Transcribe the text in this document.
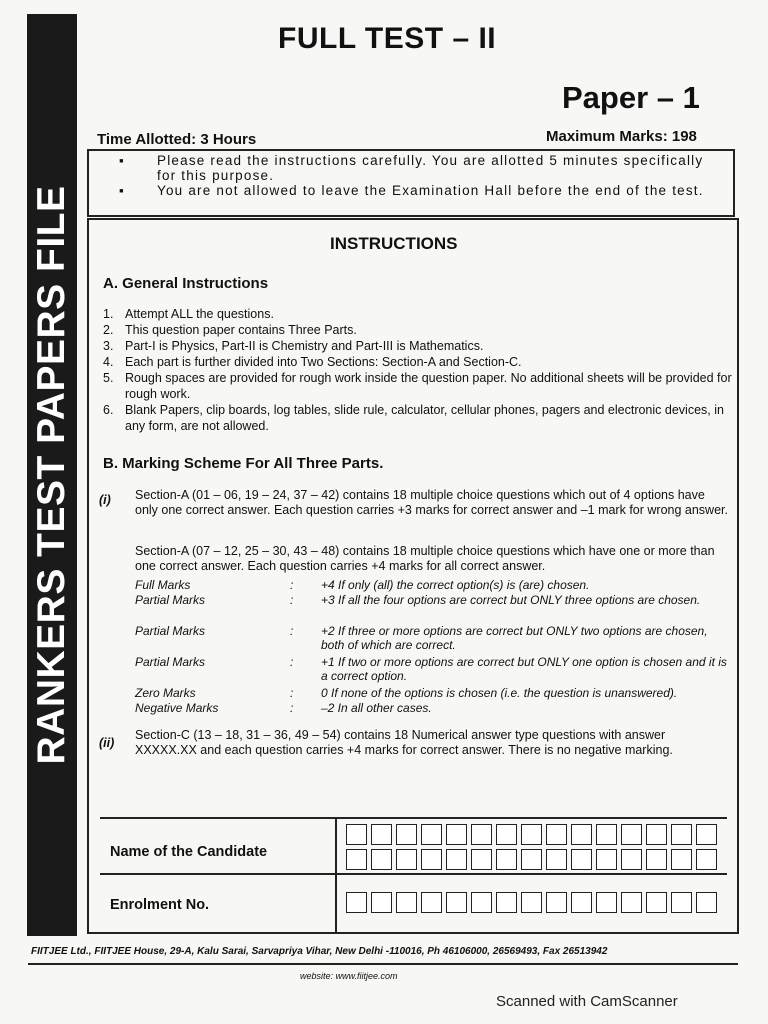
RANKERS TEST PAPERS FILE
FULL TEST – II
Paper – 1
Time Allotted: 3 Hours	Maximum Marks: 198
▪ Please read the instructions carefully. You are allotted 5 minutes specifically for this purpose.
▪ You are not allowed to leave the Examination Hall before the end of the test.
INSTRUCTIONS
A. General Instructions
1. Attempt ALL the questions.
2. This question paper contains Three Parts.
3. Part-I is Physics, Part-II is Chemistry and Part-III is Mathematics.
4. Each part is further divided into Two Sections: Section-A and Section-C.
5. Rough spaces are provided for rough work inside the question paper. No additional sheets will be provided for rough work.
6. Blank Papers, clip boards, log tables, slide rule, calculator, cellular phones, pagers and electronic devices, in any form, are not allowed.
B. Marking Scheme For All Three Parts.
(i) Section-A (01 – 06, 19 – 24, 37 – 42) contains 18 multiple choice questions which out of 4 options have only one correct answer. Each question carries +3 marks for correct answer and –1 mark for wrong answer.
Section-A (07 – 12, 25 – 30, 43 – 48) contains 18 multiple choice questions which have one or more than one correct answer. Each question carries +4 marks for all correct answer.
Full Marks	: +4 If only (all) the correct option(s) is (are) chosen.
Partial Marks	: +3 If all the four options are correct but ONLY three options are chosen.
Partial Marks	: +2 If three or more options are correct but ONLY two options are chosen, both of which are correct.
Partial Marks	: +1 If two or more options are correct but ONLY one option is chosen and it is a correct option.
Zero Marks	: 0 If none of the options is chosen (i.e. the question is unanswered).
Negative Marks	: –2 In all other cases.
(ii)
Section-C (13 – 18, 31 – 36, 49 – 54) contains 18 Numerical answer type questions with answer XXXXX.XX and each question carries +4 marks for correct answer. There is no negative marking.
Name of the Candidate
Enrolment No.
FIITJEE Ltd., FIITJEE House, 29-A, Kalu Sarai, Sarvapriya Vihar, New Delhi -110016, Ph 46106000, 26569493, Fax 26513942
website: www.fiitjee.com
Scanned with CamScanner
